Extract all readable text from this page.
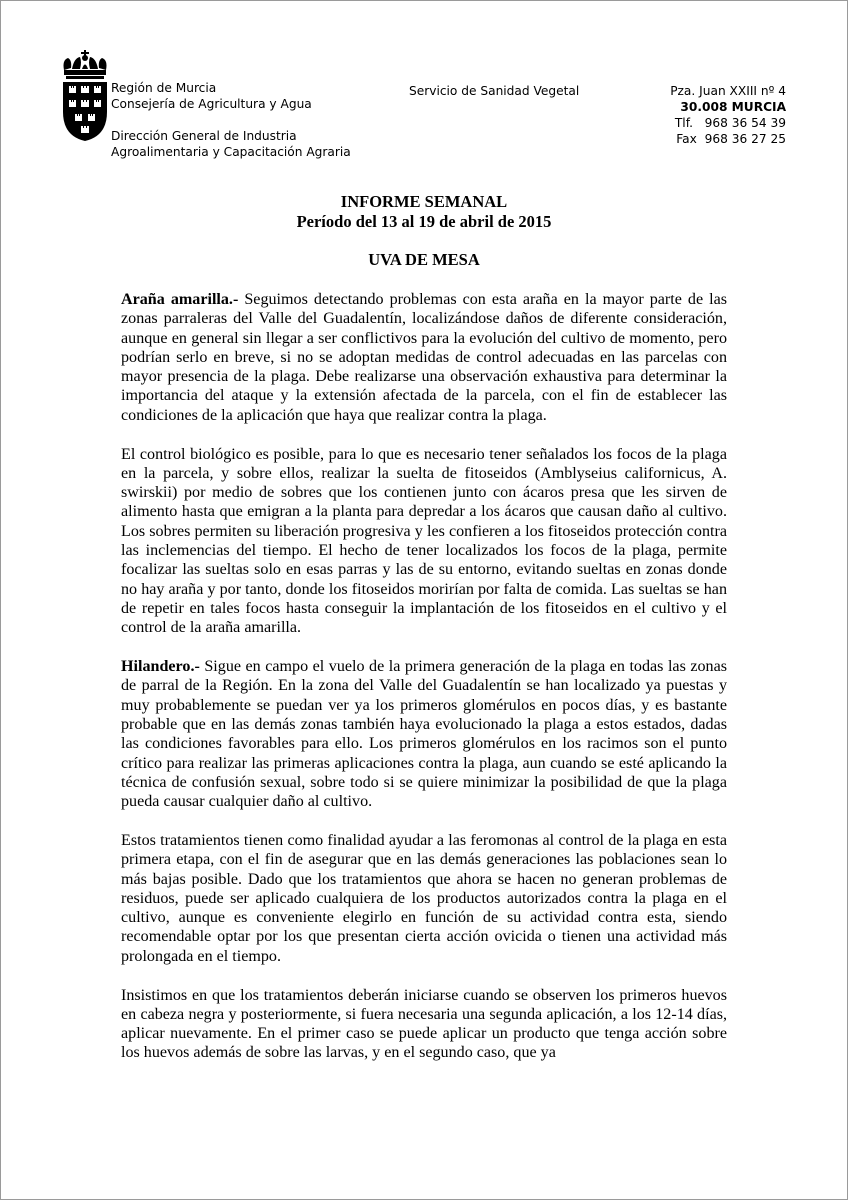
Región de Murcia
Consejería de Agricultura y Agua
Dirección General de Industria
Agroalimentaria y Capacitación Agraria
Servicio de Sanidad Vegetal	Pza. Juan XXIII nº 4
30.008 MURCIA
Tlf.   968 36 54 39
Fax  968 36 27 25
INFORME SEMANAL
Período del 13 al 19 de abril de 2015
UVA DE MESA

Araña amarilla.- Seguimos detectando problemas con esta araña en la mayor parte de las zonas parraleras del Valle del Guadalentín, localizándose daños de diferente consideración, aunque en general sin llegar a ser conflictivos para la evolución del cultivo de momento, pero podrían serlo en breve, si no se adoptan medidas de control adecuadas en las parcelas con mayor presencia de la plaga. Debe realizarse una observación exhaustiva para determinar la importancia del ataque y la extensión afectada de la parcela, con el fin de establecer las condiciones de la aplicación que haya que realizar contra la plaga.

El control biológico es posible, para lo que es necesario tener señalados los focos de la plaga en la parcela, y sobre ellos, realizar la suelta de fitoseidos (Amblyseius californicus, A. swirskii) por medio de sobres que los contienen junto con ácaros presa que les sirven de alimento hasta que emigran a la planta para depredar a los ácaros que causan daño al cultivo. Los sobres permiten su liberación progresiva y les confieren a los fitoseidos protección contra las inclemencias del tiempo. El hecho de tener localizados los focos de la plaga, permite focalizar las sueltas solo en esas parras y las de su entorno, evitando sueltas en zonas donde no hay araña y por tanto, donde los fitoseidos morirían por falta de comida. Las sueltas se han de repetir en tales focos hasta conseguir la implantación de los fitoseidos en el cultivo y el control de la araña amarilla.

Hilandero.- Sigue en campo el vuelo de la primera generación de la plaga en todas las zonas de parral de la Región. En la zona del Valle del Guadalentín se han localizado ya puestas y muy probablemente se puedan ver ya los primeros glomérulos en pocos días, y es bastante probable que en las demás zonas también haya evolucionado la plaga a estos estados, dadas las condiciones favorables para ello. Los primeros glomérulos en los racimos son el punto crítico para realizar las primeras aplicaciones contra la plaga, aun cuando se esté aplicando la técnica de confusión sexual, sobre todo si se quiere minimizar la posibilidad de que la plaga pueda causar cualquier daño al cultivo.

Estos tratamientos tienen como finalidad ayudar a las feromonas al control de la plaga en esta primera etapa, con el fin de asegurar que en las demás generaciones las poblaciones sean lo más bajas posible. Dado que los tratamientos que ahora se hacen no generan problemas de residuos, puede ser aplicado cualquiera de los productos autorizados contra la plaga en el cultivo, aunque es conveniente elegirlo en función de su actividad contra esta, siendo recomendable optar por los que presentan cierta acción ovicida o tienen una actividad más prolongada en el tiempo.

Insistimos en que los tratamientos deberán iniciarse cuando se observen los primeros huevos en cabeza negra y posteriormente, si fuera necesaria una segunda aplicación, a los 12-14 días, aplicar nuevamente. En el primer caso se puede aplicar un producto que tenga acción sobre los huevos además de sobre las larvas, y en el segundo caso, que ya
